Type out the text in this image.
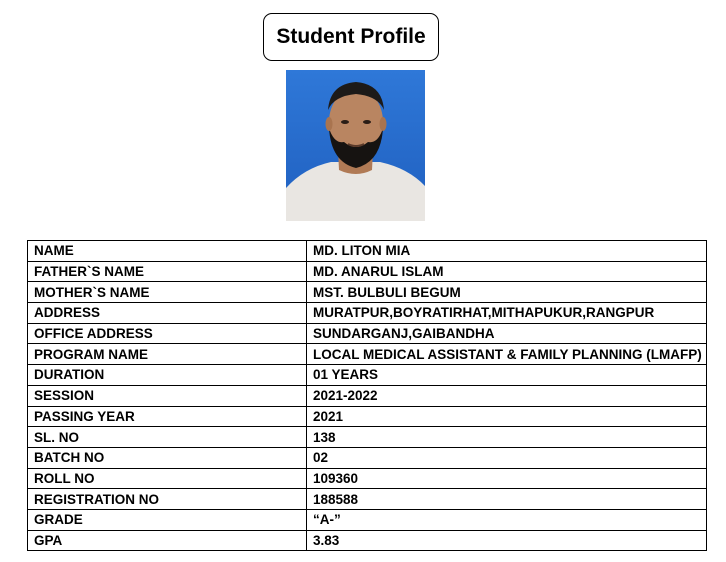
Student Profile
NAME	MD. LITON MIA
FATHER`S NAME	MD. ANARUL ISLAM
MOTHER`S NAME	MST. BULBULI BEGUM
ADDRESS	MURATPUR,BOYRATIRHAT,MITHAPUKUR,RANGPUR
OFFICE ADDRESS	SUNDARGANJ,GAIBANDHA
PROGRAM NAME	LOCAL MEDICAL ASSISTANT & FAMILY PLANNING (LMAFP)
DURATION	01 YEARS
SESSION	2021-2022
PASSING YEAR	2021
SL. NO	138
BATCH NO	02
ROLL NO	109360
REGISTRATION NO	188588
GRADE	“A-”
GPA	3.83
